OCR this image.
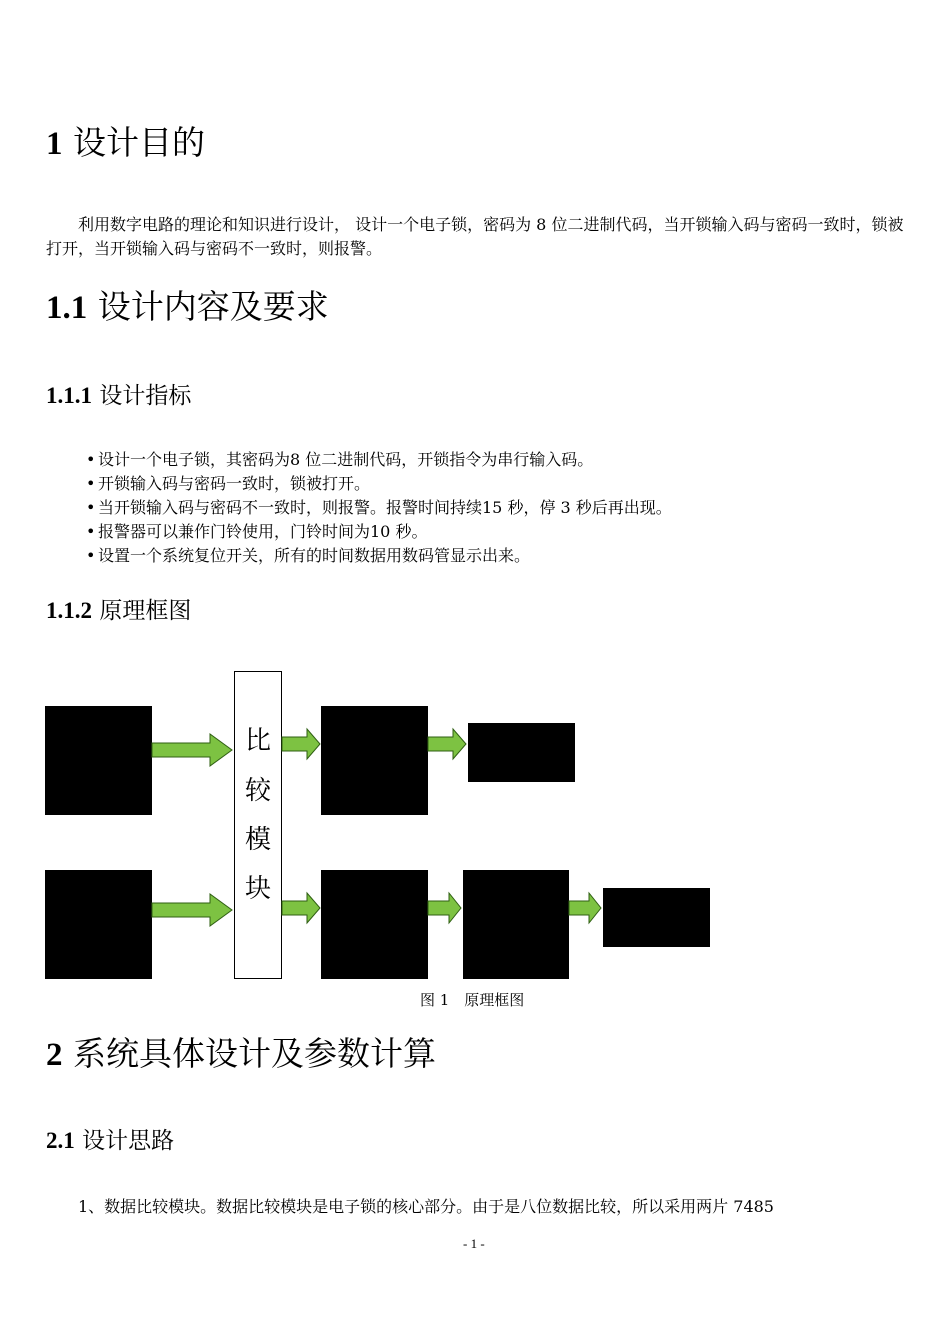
1 设计目的

利用数字电路的理论和知识进行设计， 设计一个电子锁，密码为 8 位二进制代码，当开锁输入码与密码一致时，锁被打开，当开锁输入码与密码不一致时，则报警。

1.1 设计内容及要求
1.1.1 设计指标
• 设计一个电子锁，其密码为8 位二进制代码，开锁指令为串行输入码。
• 开锁输入码与密码一致时，锁被打开。
• 当开锁输入码与密码不一致时，则报警。报警时间持续15 秒，停 3 秒后再出现。
• 报警器可以兼作门铃使用，门铃时间为10 秒。
• 设置一个系统复位开关，所有的时间数据用数码管显示出来。
1.1.2 原理框图
比
较
模
块
图 1　原理框图
2 系统具体设计及参数计算
2.1 设计思路

1、数据比较模块。数据比较模块是电子锁的核心部分。由于是八位数据比较，所以采用两片 7485

- 1 -
